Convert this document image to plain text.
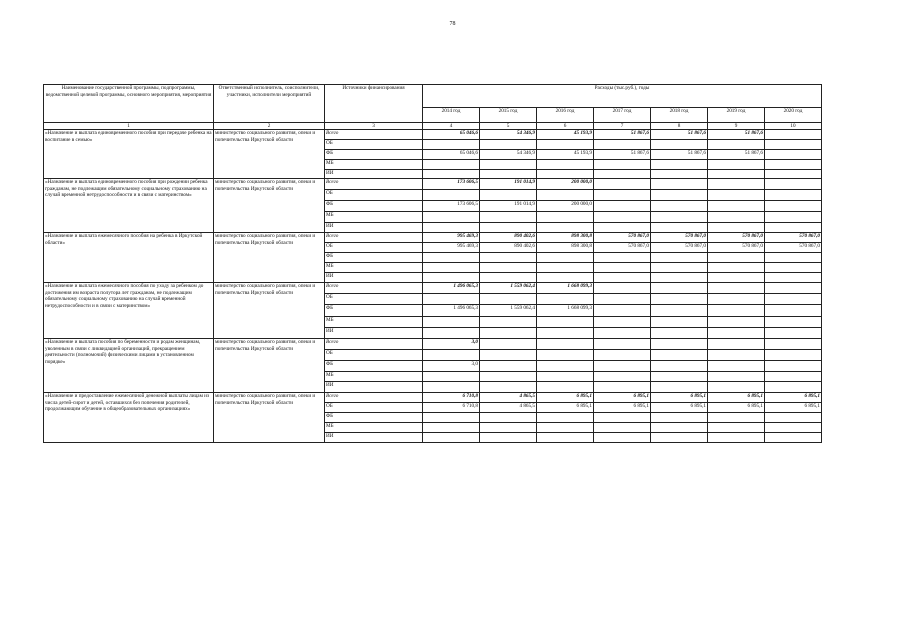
78
Наименование государственной программы, подпрограммы, ведомственной целевой программы, основного мероприятия, мероприятия	Ответственный исполнитель, соисполнители, участники, исполнители мероприятий	Источники финансирования	Расходы (тыс.руб.), годы						
			2014 год	2015 год	2016 год	2017 год	2018 год	2019 год	2020 год
1	2	3	4	5	6	7	8	9	10
«Назначение и выплата единовременного пособия при передаче ребенка на воспитание в семью»	министерство социального развития, опеки и попечительства Иркутской области	Всего	65 046,6	54 346,9	45 193,9	51 867,6	51 867,6	51 867,6	
		ОБ							
		ФБ	65 046,6	54 346,9	45 193,9	51 867,6	51 867,6	51 867,6	
		МБ							
		ИИ							
«Назначение и выплата единовременного пособия при рождении ребенка гражданам, не подлежащим обязательному социальному страхованию на случай временной нетрудоспособности и в связи с материнством»	министерство социального развития, опеки и попечительства Иркутской области	Всего	173 606,5	191 014,9	200 000,0				
		ОБ							
		ФБ	173 606,5	191 014,9	200 000,0				
		МБ							
		ИИ							
«Назначение и выплата ежемесячного пособия на ребенка в Иркутской области»	министерство социального развития, опеки и попечительства Иркутской области	Всего	995 469,3	890 402,6	898 300,8	570 867,0	570 867,0	570 867,0	570 867,0
		ОБ	995 469,3	890 402,6	898 300,8	570 867,0	570 867,0	570 867,0	570 867,0
		ФБ							
		МБ							
		ИИ							
«Назначение и выплата ежемесячного пособия по уходу за ребенком до достижения им возраста полутора лет гражданам, не подлежащим обязательному социальному страхованию на случай временной нетрудоспособности и в связи с материнством»	министерство социального развития, опеки и попечительства Иркутской области	Всего	1 496 065,3	1 559 062,4	1 668 099,3				
		ОБ							
		ФБ	1 496 065,3	1 559 062,4	1 668 099,3				
		МБ							
		ИИ							
«Назначение и выплата пособия по беременности и родам женщинам, уволенным в связи с ликвидацией организаций, прекращением деятельности (полномочий) физическими лицами в установленном порядке»	министерство социального развития, опеки и попечительства Иркутской области	Всего	3,0						
		ОБ							
		ФБ	3,0						
		МБ							
		ИИ							
«Назначение и предоставление ежемесячной денежной выплаты лицам из числа детей-сирот и детей, оставшихся без попечения родителей, продолжающим обучение в общеобразовательных организациях»	министерство социального развития, опеки и попечительства Иркутской области	Всего	6 710,8	4 865,5	6 895,1	6 895,1	6 895,1	6 895,1	6 895,1
		ОБ	6 710,8	4 865,5	6 895,1	6 895,1	6 895,1	6 895,1	6 895,1
		ФБ							
		МБ							
		ИИ							
